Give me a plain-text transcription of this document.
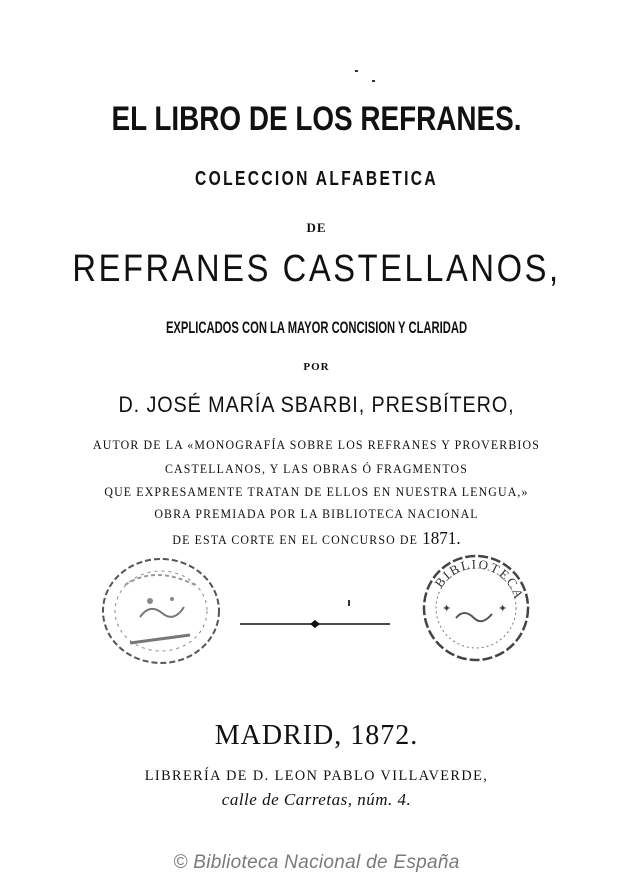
EL LIBRO DE LOS REFRANES.
COLECCION ALFABETICA
DE
REFRANES CASTELLANOS,
EXPLICADOS CON LA MAYOR CONCISION Y CLARIDAD
POR
D. JOSÉ MARÍA SBARBI, PRESBÍTERO,
AUTOR DE LA «MONOGRAFÍA SOBRE LOS REFRANES Y PROVERBIOS
CASTELLANOS, Y LAS OBRAS Ó FRAGMENTOS
QUE EXPRESAMENTE TRATAN DE ELLOS EN NUESTRA LENGUA,»
OBRA PREMIADA POR LA BIBLIOTECA NACIONAL
DE ESTA CORTE EN EL CONCURSO DE 1871.
BIBLIOTECA
✦	✦
MADRID, 1872.
LIBRERÍA DE D. LEON PABLO VILLAVERDE,
calle de Carretas, núm. 4.
© Biblioteca Nacional de España
